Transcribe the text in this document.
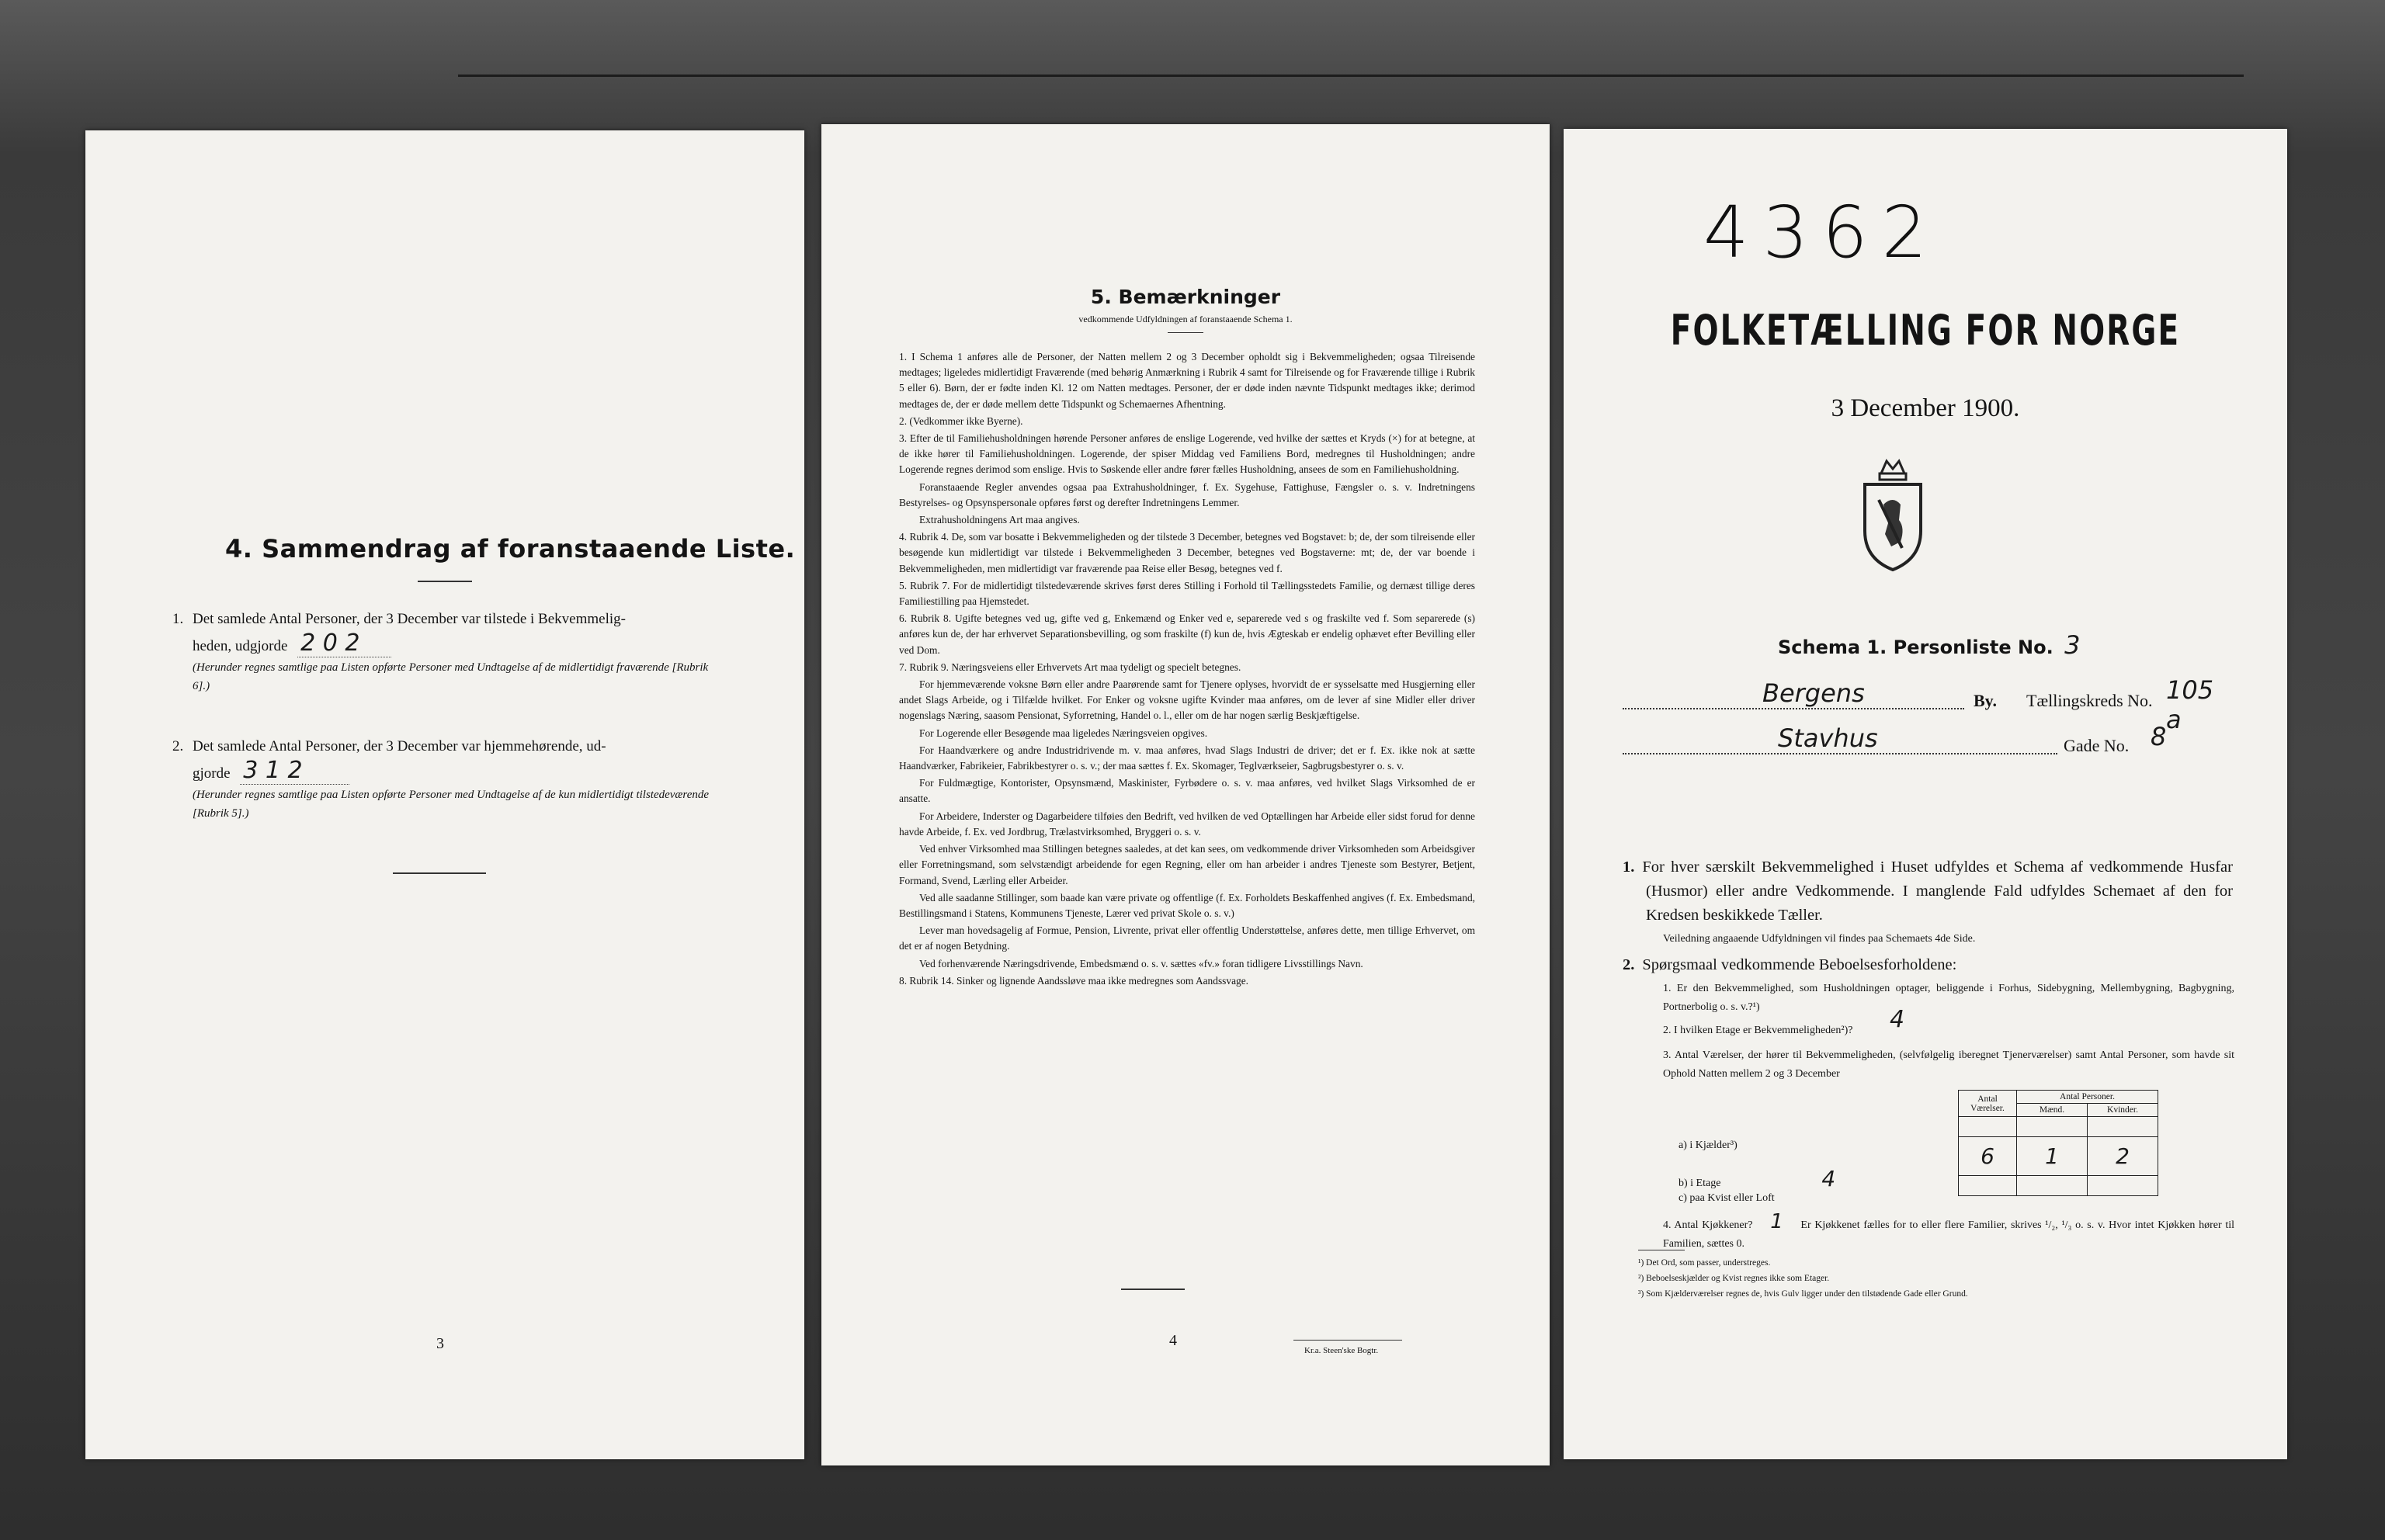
4. Sammendrag af foranstaaende Liste.
1. Det samlede Antal Personer, der 3 December var tilstede i Bekvemmelig-
heden, udgjorde 2 0 2
(Herunder regnes samtlige paa Listen opførte Personer med Undtagelse af de midlertidigt fraværende [Rubrik 6].)
2. Det samlede Antal Personer, der 3 December var hjemmehørende, ud-
gjorde 3 1 2
(Herunder regnes samtlige paa Listen opførte Personer med Undtagelse af de kun midlertidigt tilstedeværende [Rubrik 5].)
3
5. Bemærkninger
vedkommende Udfyldningen af foranstaaende Schema 1.

1. I Schema 1 anføres alle de Personer, der Natten mellem 2 og 3 December opholdt sig i Bekvemmeligheden; ogsaa Tilreisende medtages; ligeledes midlertidigt Fraværende (med behørig Anmærkning i Rubrik 4 samt for Tilreisende og for Fraværende tillige i Rubrik 5 eller 6). Børn, der er fødte inden Kl. 12 om Natten medtages. Personer, der er døde inden nævnte Tidspunkt medtages ikke; derimod medtages de, der er døde mellem dette Tidspunkt og Schemaernes Afhentning.

2. (Vedkommer ikke Byerne).

3. Efter de til Familiehusholdningen hørende Personer anføres de enslige Logerende, ved hvilke der sættes et Kryds (×) for at betegne, at de ikke hører til Familiehusholdningen. Logerende, der spiser Middag ved Familiens Bord, medregnes til Husholdningen; andre Logerende regnes derimod som enslige. Hvis to Søskende eller andre fører fælles Husholdning, ansees de som en Familiehusholdning.

Foranstaaende Regler anvendes ogsaa paa Extrahusholdninger, f. Ex. Sygehuse, Fattighuse, Fængsler o. s. v. Indretningens Bestyrelses- og Opsynspersonale opføres først og derefter Indretningens Lemmer.

Extrahusholdningens Art maa angives.

4. Rubrik 4. De, som var bosatte i Bekvemmeligheden og der tilstede 3 December, betegnes ved Bogstavet: b; de, der som tilreisende eller besøgende kun midlertidigt var tilstede i Bekvemmeligheden 3 December, betegnes ved Bogstaverne: mt; de, der var boende i Bekvemmeligheden, men midlertidigt var fraværende paa Reise eller Besøg, betegnes ved f.

5. Rubrik 7. For de midlertidigt tilstedeværende skrives først deres Stilling i Forhold til Tællingsstedets Familie, og dernæst tillige deres Familiestilling paa Hjemstedet.

6. Rubrik 8. Ugifte betegnes ved ug, gifte ved g, Enkemænd og Enker ved e, separerede ved s og fraskilte ved f. Som separerede (s) anføres kun de, der har erhvervet Separationsbevilling, og som fraskilte (f) kun de, hvis Ægteskab er endelig ophævet efter Bevilling eller ved Dom.

7. Rubrik 9. Næringsveiens eller Erhvervets Art maa tydeligt og specielt betegnes.

For hjemmeværende voksne Børn eller andre Paarørende samt for Tjenere oplyses, hvorvidt de er sysselsatte med Husgjerning eller andet Slags Arbeide, og i Tilfælde hvilket. For Enker og voksne ugifte Kvinder maa anføres, om de lever af sine Midler eller driver nogenslags Næring, saasom Pensionat, Syforretning, Handel o. l., eller om de har nogen særlig Beskjæftigelse.

For Logerende eller Besøgende maa ligeledes Næringsveien opgives.

For Haandværkere og andre Industridrivende m. v. maa anføres, hvad Slags Industri de driver; det er f. Ex. ikke nok at sætte Haandværker, Fabrikeier, Fabrikbestyrer o. s. v.; der maa sættes f. Ex. Skomager, Teglværkseier, Sagbrugsbestyrer o. s. v.

For Fuldmægtige, Kontorister, Opsynsmænd, Maskinister, Fyrbødere o. s. v. maa anføres, ved hvilket Slags Virksomhed de er ansatte.

For Arbeidere, Inderster og Dagarbeidere tilføies den Bedrift, ved hvilken de ved Optællingen har Arbeide eller sidst forud for denne havde Arbeide, f. Ex. ved Jordbrug, Trælastvirksomhed, Bryggeri o. s. v.

Ved enhver Virksomhed maa Stillingen betegnes saaledes, at det kan sees, om vedkommende driver Virksomheden som Arbeidsgiver eller Forretningsmand, som selvstændigt arbeidende for egen Regning, eller om han arbeider i andres Tjeneste som Bestyrer, Betjent, Formand, Svend, Lærling eller Arbeider.

Ved alle saadanne Stillinger, som baade kan være private og offentlige (f. Ex. Forholdets Beskaffenhed angives (f. Ex. Embedsmand, Bestillingsmand i Statens, Kommunens Tjeneste, Lærer ved privat Skole o. s. v.)

Lever man hovedsagelig af Formue, Pension, Livrente, privat eller offentlig Understøttelse, anføres dette, men tillige Erhvervet, om det er af nogen Betydning.

Ved forhenværende Næringsdrivende, Embedsmænd o. s. v. sættes «fv.» foran tidligere Livsstillings Navn.

8. Rubrik 14. Sinker og lignende Aandssløve maa ikke medregnes som Aandssvage.

4
Kr.a. Steen'ske Bogtr.
4362
FOLKETÆLLING FOR NORGE
3 December 1900.
Schema 1. Personliste No. 3
Bergens	By. Tællingskreds No. 105 a
Stavhus	Gade No. 8
1. For hver særskilt Bekvemmelighed i Huset udfyldes et Schema af vedkommende Husfar (Husmor) eller andre Vedkommende. I manglende Fald udfyldes Schemaet af den for Kredsen beskikkede Tæller.
Veiledning angaaende Udfyldningen vil findes paa Schemaets 4de Side.
2. Spørgsmaal vedkommende Beboelsesforholdene:
1. Er den Bekvemmelighed, som Husholdningen optager, beliggende i Forhus, Sidebygning, Mellembygning, Bagbygning, Portnerbolig o. s. v.?¹)
2. I hvilken Etage er Bekvemmeligheden²)?	4
3. Antal Værelser, der hører til Bekvemmeligheden, (selvfølgelig iberegnet Tjenerværelser) samt Antal Personer, som havde sit Ophold Natten mellem 2 og 3 December
Antal Værelser.	Antal Personer.	
	Mænd.	Kvinder.

6	1	2

a) i Kjælder³)
b) i Etage	4
c) paa Kvist eller Loft
4. Antal Kjøkkener? 1 Er Kjøkkenet fælles for to eller flere Familier, skrives ¹/₂, ¹/₃ o. s. v. Hvor intet Kjøkken hører til Familien, sættes 0.
¹) Det Ord, som passer, understreges.
²) Beboelseskjælder og Kvist regnes ikke som Etager.
³) Som Kjælderværelser regnes de, hvis Gulv ligger under den tilstødende Gade eller Grund.
